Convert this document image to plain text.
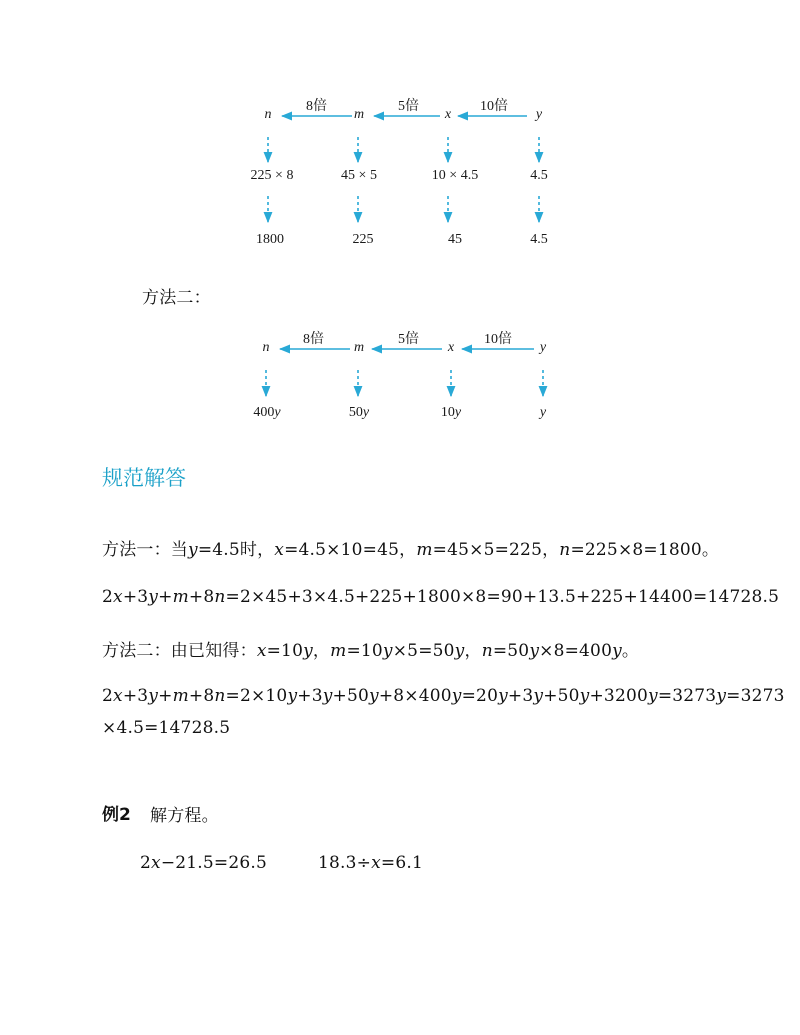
8倍	5倍	10倍
n	m	x	y
225 × 8	45 × 5	10 × 4.5	4.5
1800	225	45	4.5
方法二：
8倍	5倍	10倍
n	m	x	y
400y	50y	10y	y
规范解答
方法一：当y=4.5时，x=4.5×10=45，m=45×5=225，n=225×8=1800。
2x+3y+m+8n=2×45+3×4.5+225+1800×8=90+13.5+225+14400=14728.5
方法二：由已知得：x=10y，m=10y×5=50y，n=50y×8=400y。
2x+3y+m+8n=2×10y+3y+50y+8×400y=20y+3y+50y+3200y=3273y=3273
×4.5=14728.5
例2 解方程。
2x−21.5=26.5	18.3÷x=6.1
